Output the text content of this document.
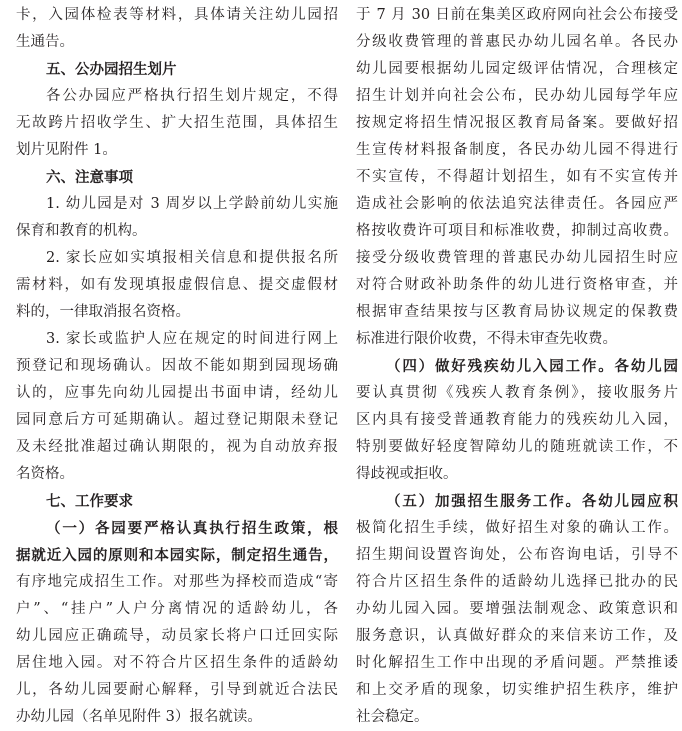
卡，入园体检表等材料，具体请关注幼儿园招
生通告。
五、公办园招生划片
各公办园应严格执行招生划片规定，不得
无故跨片招收学生、扩大招生范围，具体招生
划片见附件 1。
六、注意事项
1. 幼儿园是对 3 周岁以上学龄前幼儿实施
保育和教育的机构。
2. 家长应如实填报相关信息和提供报名所
需材料，如有发现填报虚假信息、提交虚假材
料的，一律取消报名资格。
3. 家长或监护人应在规定的时间进行网上
预登记和现场确认。因故不能如期到园现场确
认的，应事先向幼儿园提出书面申请，经幼儿
园同意后方可延期确认。超过登记期限未登记
及未经批准超过确认期限的，视为自动放弃报
名资格。
七、工作要求
（一）各园要严格认真执行招生政策，根
据就近入园的原则和本园实际，制定招生通告，
有序地完成招生工作。对那些为择校而造成“寄
户”、“挂户”人户分离情况的适龄幼儿，各
幼儿园应正确疏导，动员家长将户口迁回实际
居住地入园。对不符合片区招生条件的适龄幼
儿，各幼儿园要耐心解释，引导到就近合法民
办幼儿园（名单见附件 3）报名就读。
于 7 月 30 日前在集美区政府网向社会公布接受
分级收费管理的普惠民办幼儿园名单。各民办
幼儿园要根据幼儿园定级评估情况，合理核定
招生计划并向社会公布，民办幼儿园每学年应
按规定将招生情况报区教育局备案。要做好招
生宣传材料报备制度，各民办幼儿园不得进行
不实宣传，不得超计划招生，如有不实宣传并
造成社会影响的依法追究法律责任。各园应严
格按收费许可项目和标准收费，抑制过高收费。
接受分级收费管理的普惠民办幼儿园招生时应
对符合财政补助条件的幼儿进行资格审查，并
根据审查结果按与区教育局协议规定的保教费
标准进行限价收费，不得未审查先收费。
（四）做好残疾幼儿入园工作。各幼儿园
要认真贯彻《残疾人教育条例》，接收服务片
区内具有接受普通教育能力的残疾幼儿入园，
特别要做好轻度智障幼儿的随班就读工作，不
得歧视或拒收。
（五）加强招生服务工作。各幼儿园应积
极简化招生手续，做好招生对象的确认工作。
招生期间设置咨询处，公布咨询电话，引导不
符合片区招生条件的适龄幼儿选择已批办的民
办幼儿园入园。要增强法制观念、政策意识和
服务意识，认真做好群众的来信来访工作，及
时化解招生工作中出现的矛盾问题。严禁推诿
和上交矛盾的现象，切实维护招生秩序，维护
社会稳定。
